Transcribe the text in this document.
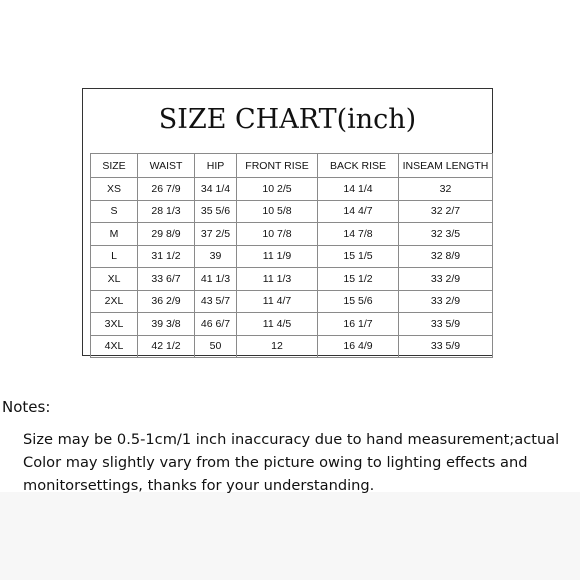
SIZE CHART(inch)
SIZE	WAIST	HIP	FRONT RISE	BACK RISE	INSEAM LENGTH
XS	26 7/9	34 1/4	10 2/5	14 1/4	32
S	28 1/3	35 5/6	10 5/8	14 4/7	32 2/7
M	29 8/9	37 2/5	10 7/8	14 7/8	32 3/5
L	31 1/2	39	11 1/9	15 1/5	32 8/9
XL	33 6/7	41 1/3	11 1/3	15 1/2	33 2/9
2XL	36 2/9	43 5/7	11 4/7	15 5/6	33 2/9
3XL	39 3/8	46 6/7	11 4/5	16 1/7	33 5/9
4XL	42 1/2	50	12	16 4/9	33 5/9
Notes:
Size may be 0.5-1cm/1 inch inaccuracy due to hand measurement;actual
Color may slightly vary from the picture owing to lighting effects and
monitorsettings, thanks for your understanding.
